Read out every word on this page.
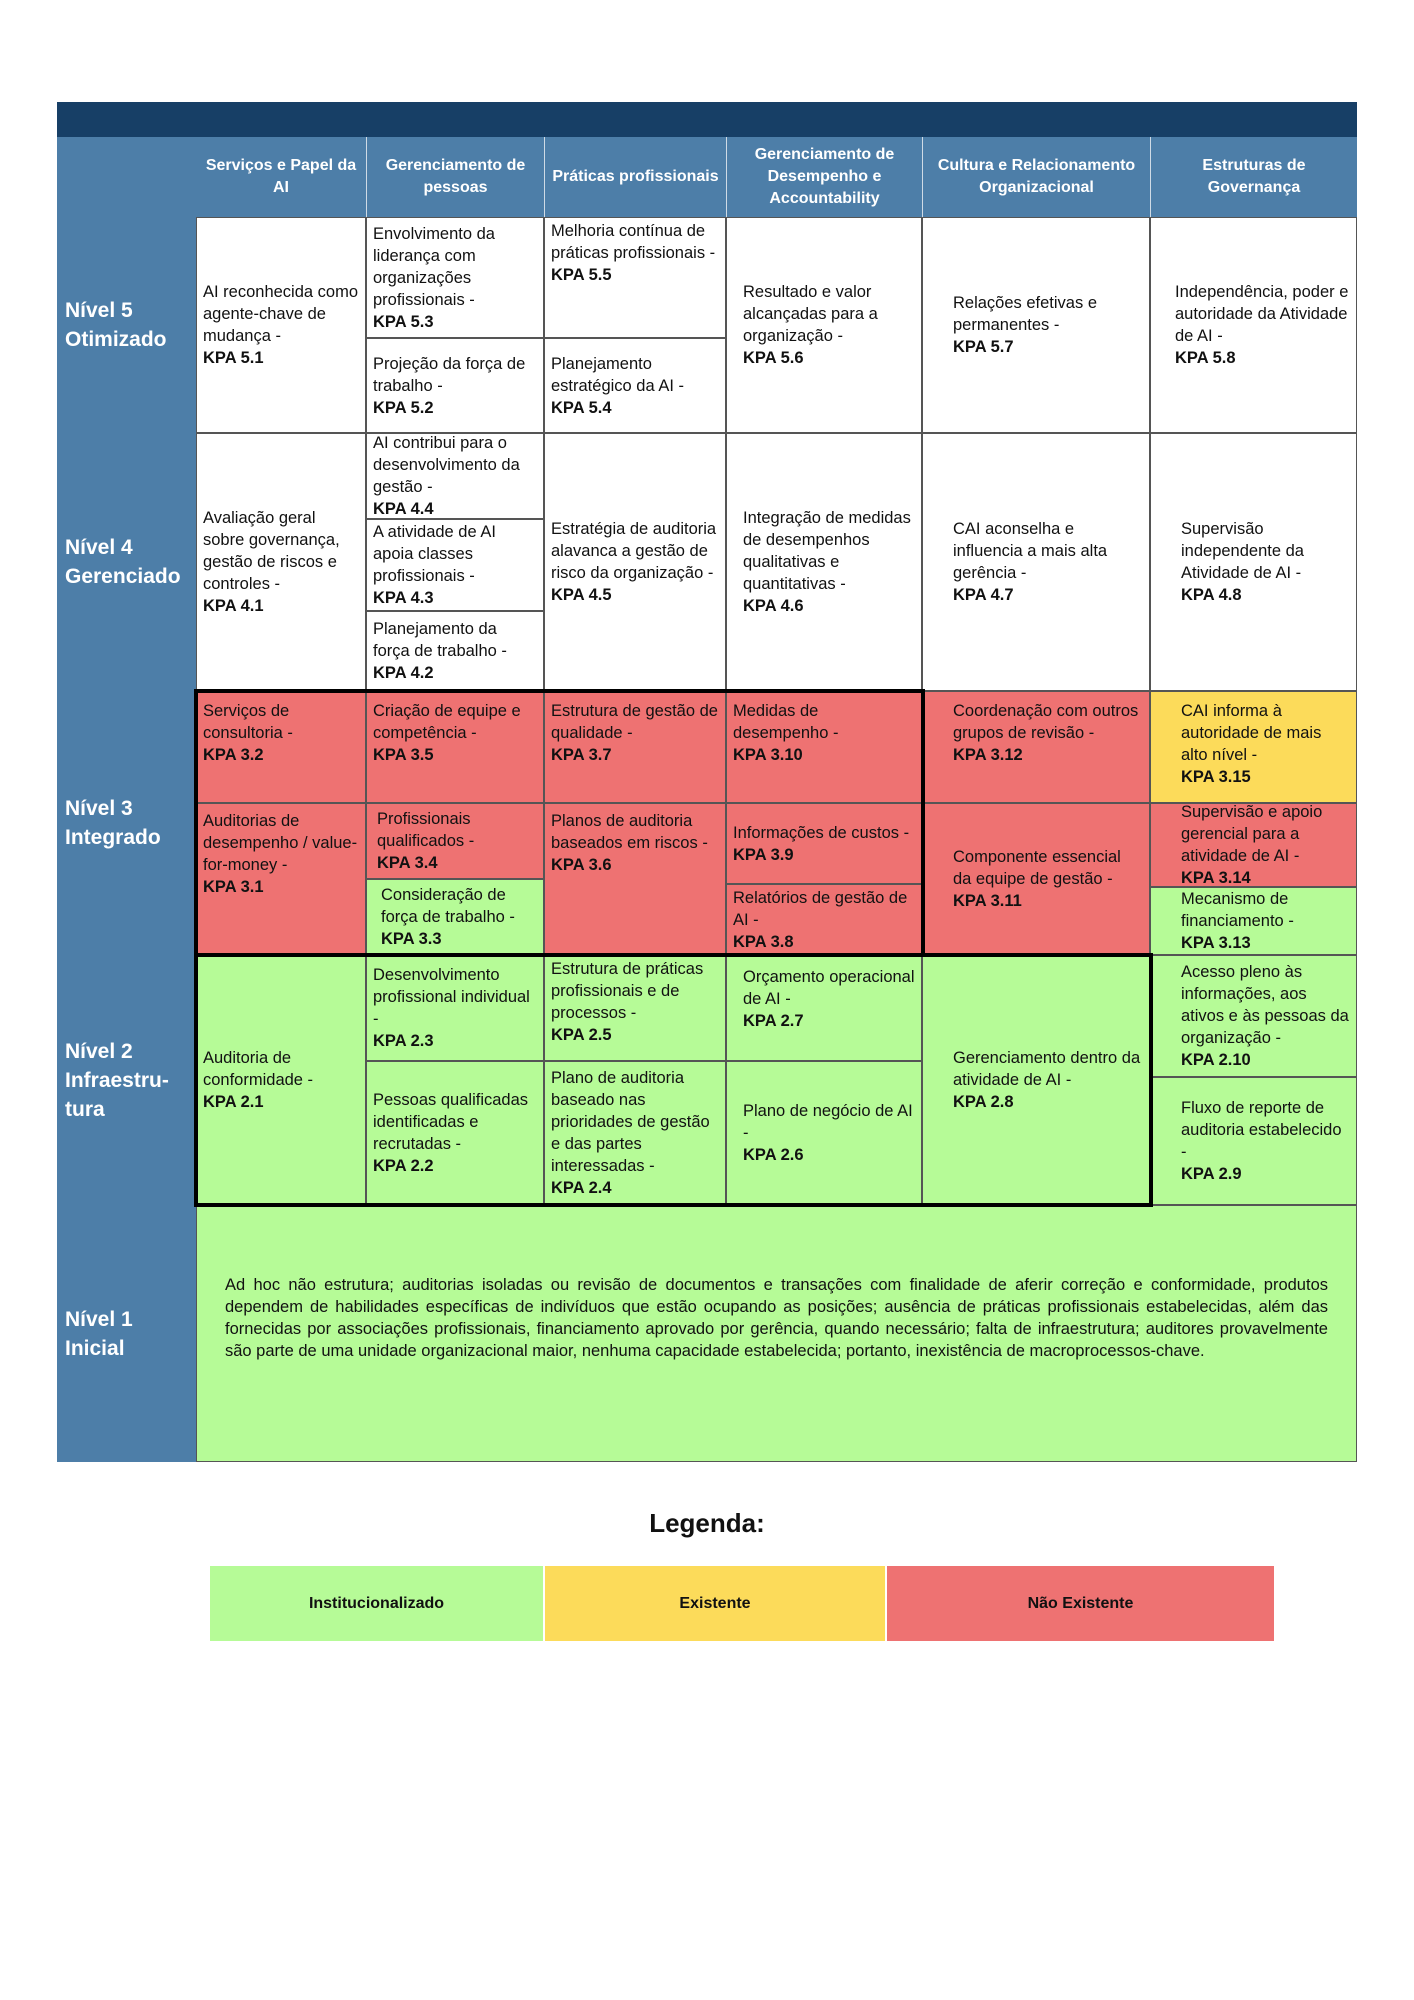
Serviços e Papel da AI
Gerenciamento de pessoas
Práticas profissionais
Gerenciamento de Desempenho e Accountability
Cultura e Relacionamento Organizacional
Estruturas de Governança
Nível 5 Otimizado
Nível 4 Gerenciado
Nível 3 Integrado
Nível 2 Infraestru-tura
Nível 1 Inicial
AI reconhecida como agente-chave de mudança -
KPA 5.1
Envolvimento da liderança com organizações profissionais -
KPA 5.3
Projeção da força de trabalho -
KPA 5.2
Melhoria contínua de práticas profissionais -
KPA 5.5
Planejamento estratégico da AI -
KPA 5.4
Resultado e valor alcançadas para a organização -
KPA 5.6
Relações efetivas e permanentes -
KPA 5.7
Independência, poder e autoridade da Atividade de AI -
KPA 5.8
Avaliação geral sobre governança, gestão de riscos e controles -
KPA 4.1
AI contribui para o desenvolvimento da gestão -
KPA 4.4
A atividade de AI apoia classes profissionais -
KPA 4.3
Planejamento da força de trabalho -
KPA 4.2
Estratégia de auditoria alavanca a gestão de risco da organização -
KPA 4.5
Integração de medidas de desempenhos qualitativas e quantitativas -
KPA 4.6
CAI aconselha e influencia a mais alta gerência -
KPA 4.7
Supervisão independente da Atividade de AI -
KPA 4.8
Serviços de consultoria -
KPA 3.2
Criação de equipe e competência -
KPA 3.5
Estrutura de gestão de qualidade -
KPA 3.7
Medidas de desempenho -
KPA 3.10
Coordenação com outros grupos de revisão -
KPA 3.12
CAI informa à autoridade de mais alto nível -
KPA 3.15
Auditorias de desempenho / value-for-money -
KPA 3.1
Profissionais qualificados -
KPA 3.4
Consideração de força de trabalho -
KPA 3.3
Planos de auditoria baseados em riscos -
KPA 3.6
Informações de custos -
KPA 3.9
Relatórios de gestão de AI -
KPA 3.8
Componente essencial da equipe de gestão -
KPA 3.11
Supervisão e apoio gerencial para a atividade de AI -
KPA 3.14
Mecanismo de financiamento -
KPA 3.13
Auditoria de conformidade -
KPA 2.1
Desenvolvimento profissional individual -
KPA 2.3
Pessoas qualificadas identificadas e recrutadas -
KPA 2.2
Estrutura de práticas profissionais e de processos -
KPA 2.5
Plano de auditoria baseado nas prioridades de gestão e das partes interessadas -
KPA 2.4
Orçamento operacional de AI -
KPA 2.7
Plano de negócio de AI -
KPA 2.6
Gerenciamento dentro da atividade de AI -
KPA 2.8
Acesso pleno às informações, aos ativos e às pessoas da organização -
KPA 2.10
Fluxo de reporte de auditoria estabelecido -
KPA 2.9
Ad hoc não estrutura; auditorias isoladas ou revisão de documentos e transações com finalidade de aferir correção e conformidade, produtos dependem de habilidades específicas de indivíduos que estão ocupando as posições; ausência de práticas profissionais estabelecidas, além das fornecidas por associações profissionais, financiamento aprovado por gerência, quando necessário; falta de infraestrutura; auditores provavelmente são parte de uma unidade organizacional maior, nenhuma capacidade estabelecida; portanto, inexistência de macroprocessos-chave.
Legenda:
Institucionalizado	Existente	Não Existente
